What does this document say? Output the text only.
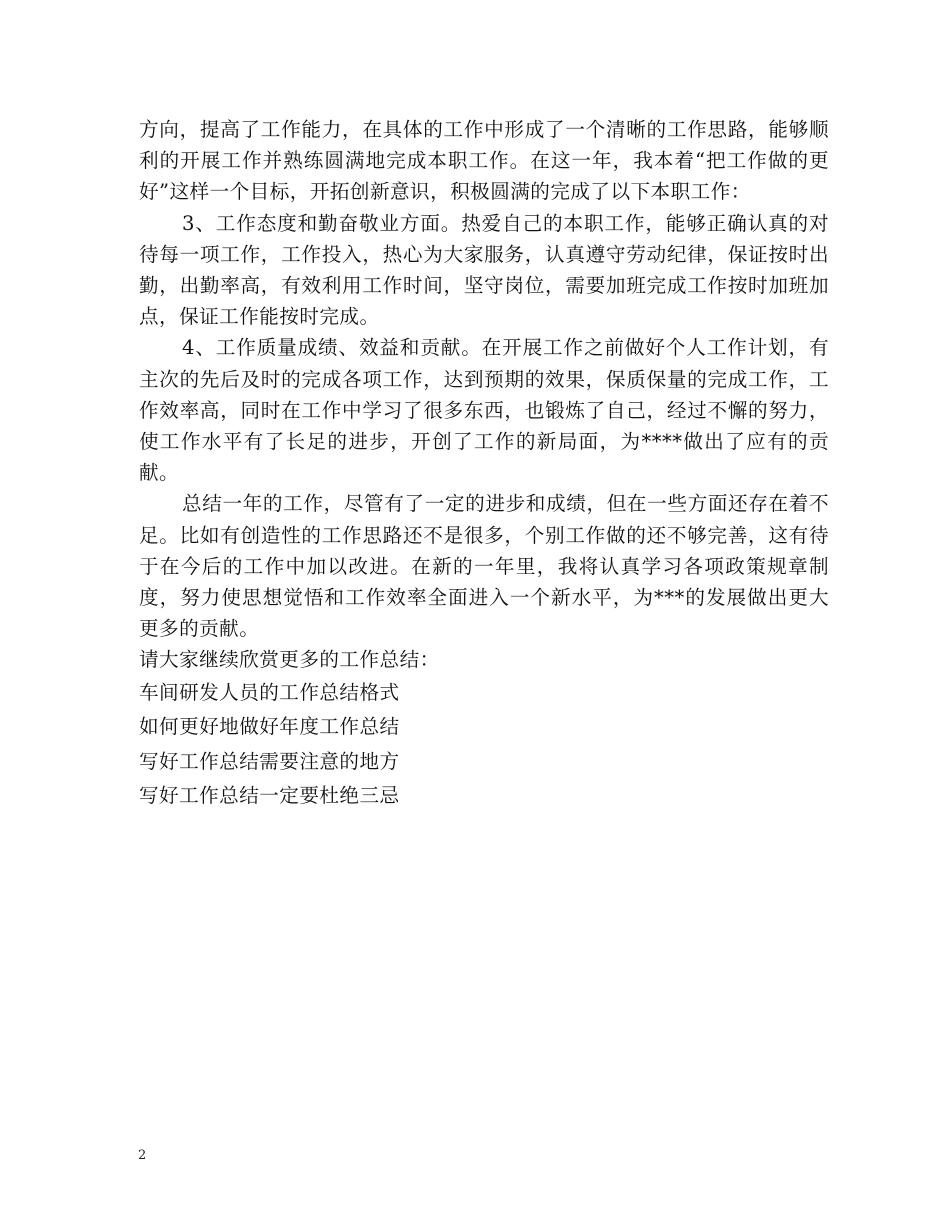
方向，提高了工作能力，在具体的工作中形成了一个清晰的工作思路，能够顺利的开展工作并熟练圆满地完成本职工作。在这一年，我本着“把工作做的更好”这样一个目标，开拓创新意识，积极圆满的完成了以下本职工作：

3、工作态度和勤奋敬业方面。热爱自己的本职工作，能够正确认真的对待每一项工作，工作投入，热心为大家服务，认真遵守劳动纪律，保证按时出勤，出勤率高，有效利用工作时间，坚守岗位，需要加班完成工作按时加班加点，保证工作能按时完成。

4、工作质量成绩、效益和贡献。在开展工作之前做好个人工作计划，有主次的先后及时的完成各项工作，达到预期的效果，保质保量的完成工作，工作效率高，同时在工作中学习了很多东西，也锻炼了自己，经过不懈的努力，使工作水平有了长足的进步，开创了工作的新局面，为****做出了应有的贡献。

总结一年的工作，尽管有了一定的进步和成绩，但在一些方面还存在着不足。比如有创造性的工作思路还不是很多，个别工作做的还不够完善，这有待于在今后的工作中加以改进。在新的一年里，我将认真学习各项政策规章制度，努力使思想觉悟和工作效率全面进入一个新水平，为***的发展做出更大更多的贡献。

请大家继续欣赏更多的工作总结：

车间研发人员的工作总结格式
如何更好地做好年度工作总结
写好工作总结需要注意的地方
写好工作总结一定要杜绝三忌
2
